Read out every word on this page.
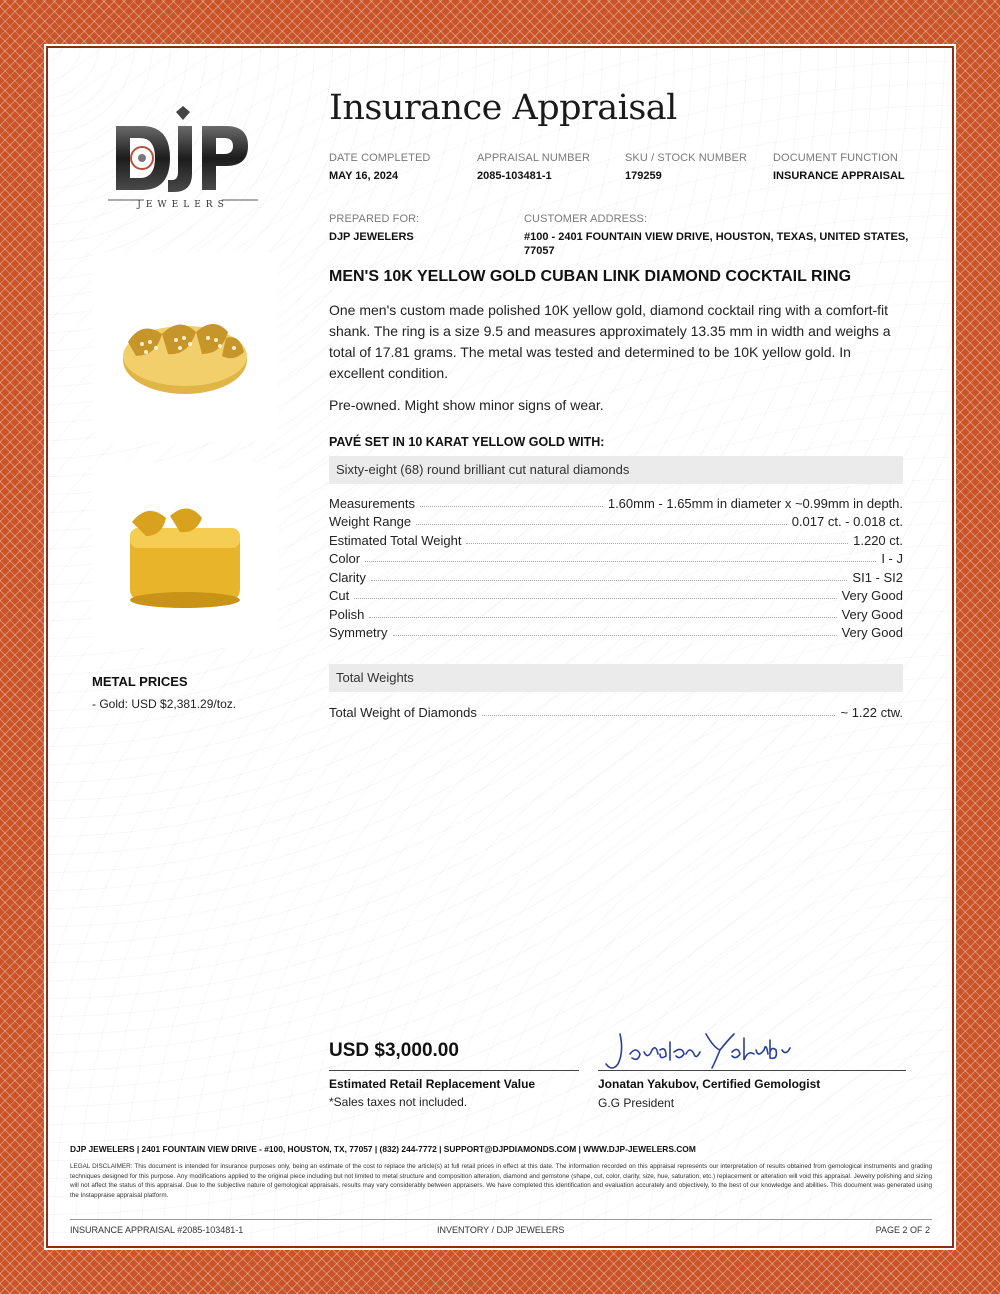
JEWELERS
Insurance Appraisal
DATE COMPLETED
MAY 16, 2024
APPRAISAL NUMBER
2085-103481-1
SKU / STOCK NUMBER
179259
DOCUMENT FUNCTION
INSURANCE APPRAISAL
PREPARED FOR:
DJP JEWELERS
CUSTOMER ADDRESS:
#100 - 2401 FOUNTAIN VIEW DRIVE, HOUSTON, TEXAS, UNITED STATES,
77057
METAL PRICES
- Gold: USD $2,381.29/toz.
MEN'S 10K YELLOW GOLD CUBAN LINK DIAMOND COCKTAIL RING
One men's custom made polished 10K yellow gold, diamond cocktail ring with a comfort-fit shank. The ring is a size 9.5 and measures approximately 13.35 mm in width and weighs a total of 17.81 grams. The metal was tested and determined to be 10K yellow gold. In excellent condition.
Pre-owned. Might show minor signs of wear.
PAVÉ SET IN 10 KARAT YELLOW GOLD WITH:
Sixty-eight (68) round brilliant cut natural diamonds
Measurements	1.60mm - 1.65mm in diameter x ~0.99mm in depth.
Weight Range	0.017 ct. - 0.018 ct.
Estimated Total Weight	1.220 ct.
Color	I - J
Clarity	SI1 - SI2
Cut	Very Good
Polish	Very Good
Symmetry	Very Good
Total Weights
Total Weight of Diamonds	~ 1.22 ctw.
USD $3,000.00
Estimated Retail Replacement Value
*Sales taxes not included.
Jonatan Yakubov, Certified Gemologist
G.G President
DJP JEWELERS | 2401 FOUNTAIN VIEW DRIVE - #100, HOUSTON, TX, 77057 | (832) 244-7772 | SUPPORT@DJPDIAMONDS.COM | WWW.DJP-JEWELERS.COM
LEGAL DISCLAIMER: This document is intended for insurance purposes only, being an estimate of the cost to replace the article(s) at full retail prices in effect at this date. The information recorded on this appraisal represents our interpretation of results obtained from gemological instruments and grading techniques designed for this purpose. Any modifications applied to the original piece including but not limited to metal structure and composition alteration, diamond and gemstone (shape, cut, color, clarity, size, hue, saturation, etc.) replacement or alteration will void this appraisal. Jewelry polishing and sizing will not affect the status of this appraisal. Due to the subjective nature of gemological appraisals, results may vary considerably between appraisers. We have completed this identification and evaluation accurately and objectively, to the best of our knowledge and abilities. This document was generated using the Instappraise appraisal platform.
INSURANCE APPRAISAL #2085-103481-1	INVENTORY / DJP JEWELERS	PAGE 2 OF 2
